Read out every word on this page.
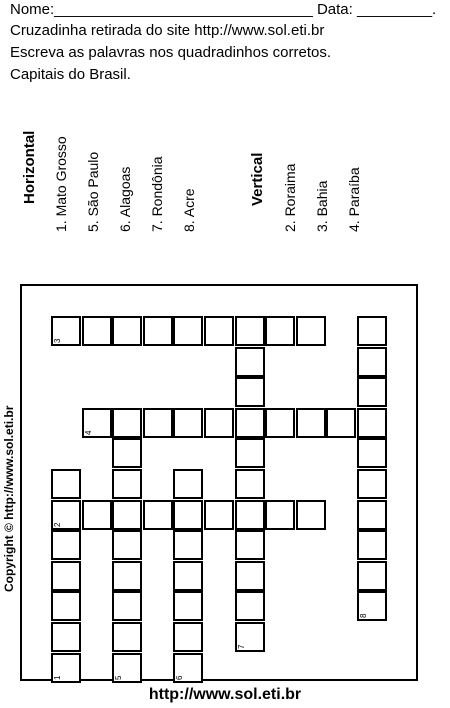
Nome:_______________________________ Data: _________.
Cruzadinha retirada do site http://www.sol.eti.br
Escreva as palavras nos quadradinhos corretos.
Capitais do Brasil.
Horizontal 1. Mato Grosso 5. São Paulo 6. Alagoas 7. Rondônia 8. Acre
Vertical 2. Roraima 3. Bahia 4. Paraíba
3
4
2
8
7
1	5	6
Copyright © http://www.sol.eti.br
http://www.sol.eti.br
